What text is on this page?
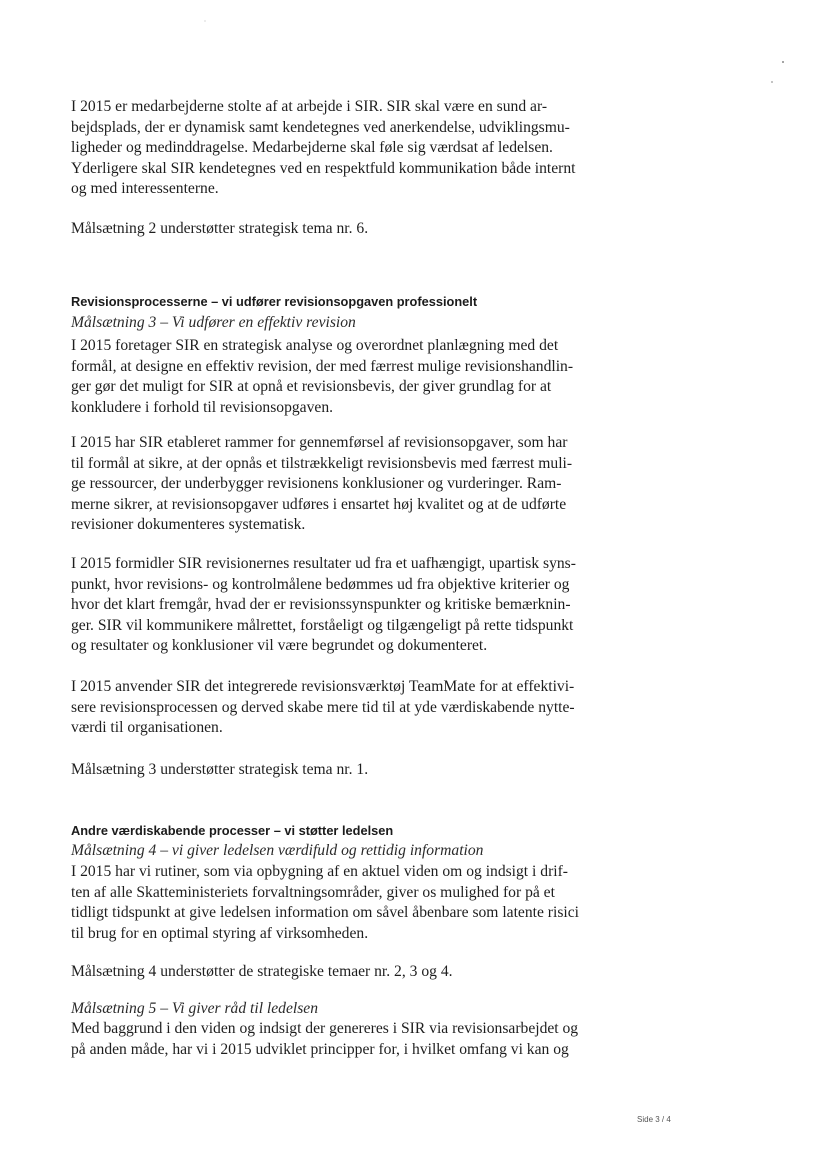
I 2015 er medarbejderne stolte af at arbejde i SIR. SIR skal være en sund ar-
bejdsplads, der er dynamisk samt kendetegnes ved anerkendelse, udviklingsmu-
ligheder og medinddragelse. Medarbejderne skal føle sig værdsat af ledelsen.
Yderligere skal SIR kendetegnes ved en respektfuld kommunikation både internt
og med interessenterne.

Målsætning 2 understøtter strategisk tema nr. 6.

Revisionsprocesserne – vi udfører revisionsopgaven professionelt

Målsætning 3 – Vi udfører en effektiv revision

I 2015 foretager SIR en strategisk analyse og overordnet planlægning med det
formål, at designe en effektiv revision, der med færrest mulige revisionshandlin-
ger gør det muligt for SIR at opnå et revisionsbevis, der giver grundlag for at
konkludere i forhold til revisionsopgaven.

I 2015 har SIR etableret rammer for gennemførsel af revisionsopgaver, som har
til formål at sikre, at der opnås et tilstrækkeligt revisionsbevis med færrest muli-
ge ressourcer, der underbygger revisionens konklusioner og vurderinger. Ram-
merne sikrer, at revisionsopgaver udføres i ensartet høj kvalitet og at de udførte
revisioner dokumenteres systematisk.

I 2015 formidler SIR revisionernes resultater ud fra et uafhængigt, upartisk syns-
punkt, hvor revisions- og kontrolmålene bedømmes ud fra objektive kriterier og
hvor det klart fremgår, hvad der er revisionssynspunkter og kritiske bemærknin-
ger. SIR vil kommunikere målrettet, forståeligt og tilgængeligt på rette tidspunkt
og resultater og konklusioner vil være begrundet og dokumenteret.

I 2015 anvender SIR det integrerede revisionsværktøj TeamMate for at effektivi-
sere revisionsprocessen og derved skabe mere tid til at yde værdiskabende nytte-
værdi til organisationen.

Målsætning 3 understøtter strategisk tema nr. 1.

Andre værdiskabende processer – vi støtter ledelsen

Målsætning 4 – vi giver ledelsen værdifuld og rettidig information

I 2015 har vi rutiner, som via opbygning af en aktuel viden om og indsigt i drif-
ten af alle Skatteministeriets forvaltningsområder, giver os mulighed for på et
tidligt tidspunkt at give ledelsen information om såvel åbenbare som latente risici
til brug for en optimal styring af virksomheden.

Målsætning 4 understøtter de strategiske temaer nr. 2, 3 og 4.

Målsætning 5 – Vi giver råd til ledelsen

Med baggrund i den viden og indsigt der genereres i SIR via revisionsarbejdet og
på anden måde, har vi i 2015 udviklet principper for, i hvilket omfang vi kan og

Side 3 / 4
